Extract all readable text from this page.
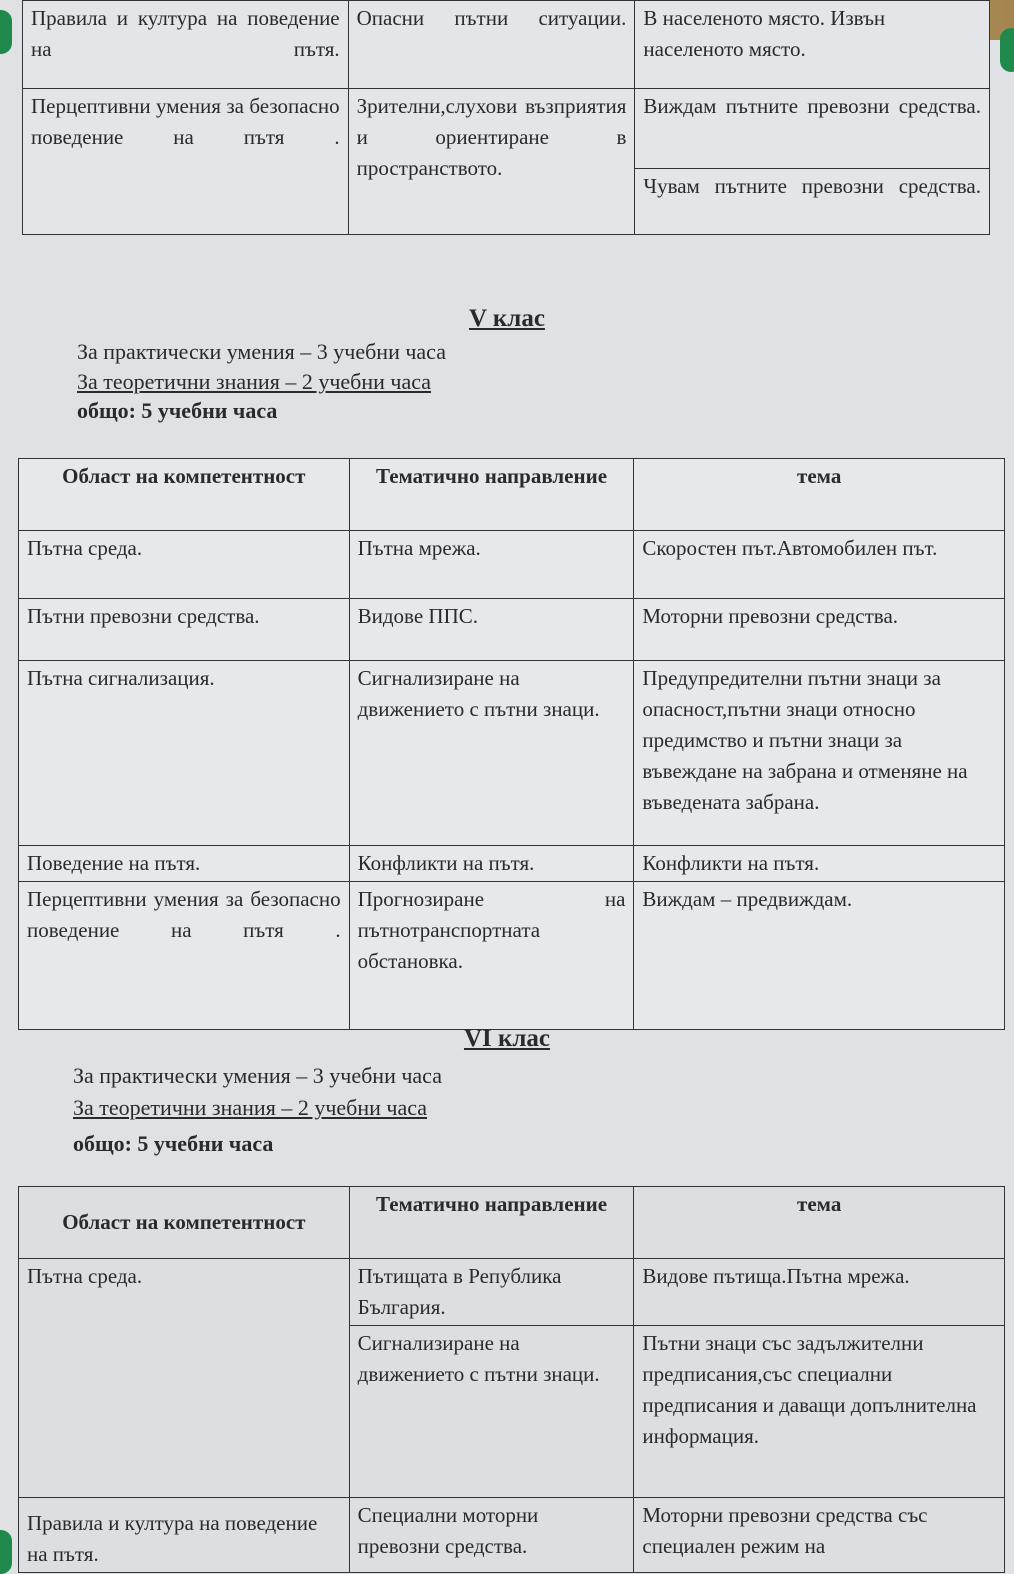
Правила и култура на поведение на пътя.	Опасни пътни ситуации.	В населеното място. Извън населеното място.
Перцептивни умения за безопасно поведение на пътя .	Зрителни,слухови възприятия и ориентиране в пространството.	Виждам пътните превозни средства.
		Чувам пътните превозни средства.
V клас
За практически умения – 3 учебни часа
За теоретични знания – 2 учебни часа
общо: 5 учебни часа
Област на компетентност	Тематично направление	тема
Пътна среда.	Пътна мрежа.	Скоростен път.Автомобилен път.
Пътни превозни средства.	Видове ППС.	Моторни превозни средства.
Пътна сигнализация.	Сигнализиране на движението с пътни знаци.	Предупредителни пътни знаци за опасност,пътни знаци относно предимство и пътни знаци за въвеждане на забрана и отменяне на въведената забрана.
Поведение на пътя.	Конфликти на пътя.	Конфликти на пътя.
Перцептивни умения за безопасно поведение на пътя .	Прогнозиране на пътнотранспортната обстановка.	Виждам – предвиждам.
VI клас
За практически умения – 3 учебни часа
За теоретични знания – 2 учебни часа
общо: 5 учебни часа
Област на компетентност	Тематично направление	тема
Пътна среда.	Пътищата в Република България.	Видове пътища.Пътна мрежа.
	Сигнализиране на движението с пътни знаци.	Пътни знаци със задължителни предписания,със специални предписания и даващи допълнителна информация.
Правила и култура на поведение на пътя.	Специални моторни превозни средства.	Моторни превозни средства със специален режим на
